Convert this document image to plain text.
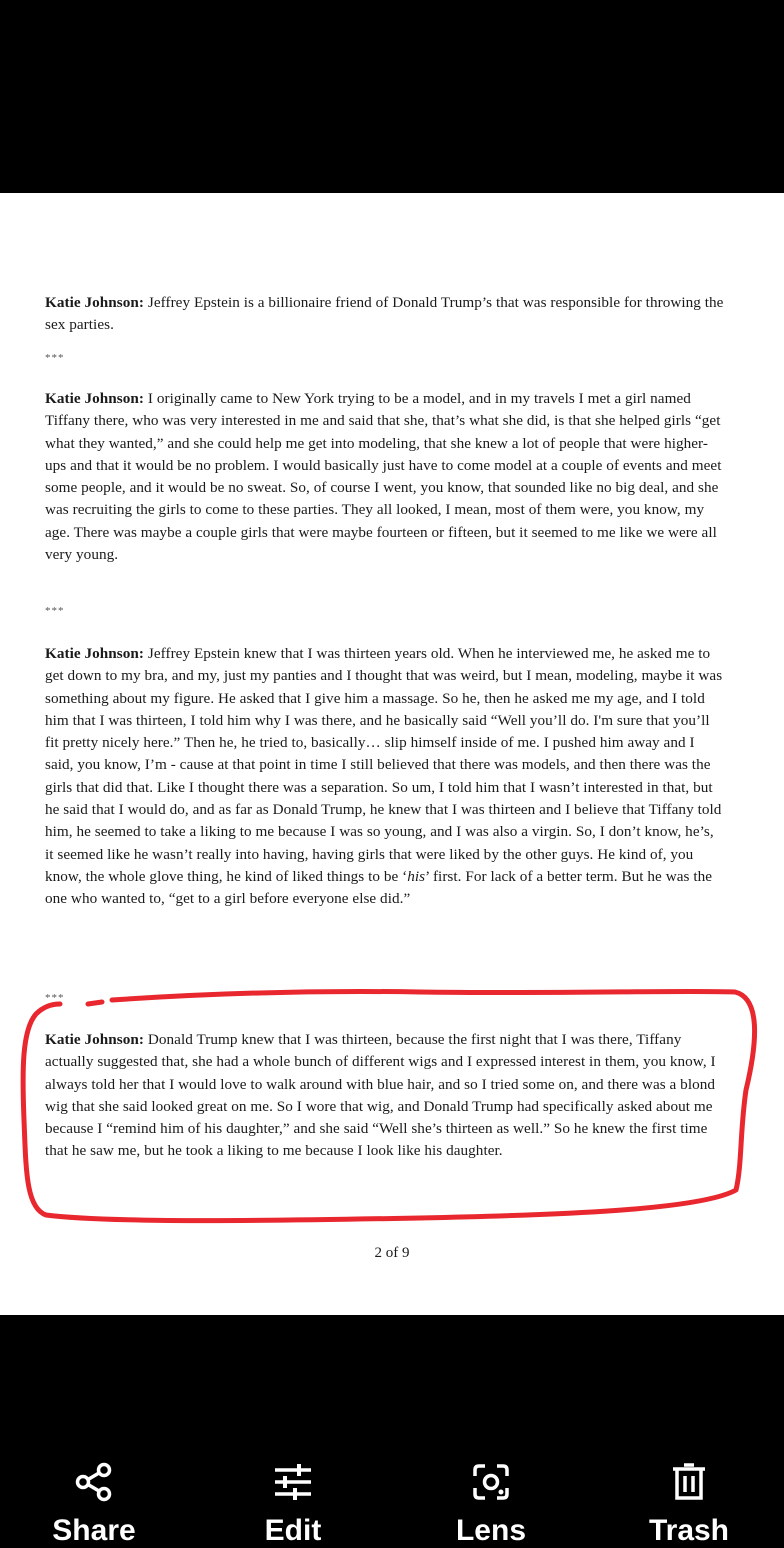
Katie Johnson: Jeffrey Epstein is a billionaire friend of Donald Trump’s that was responsible for throwing the sex parties.

***

Katie Johnson: I originally came to New York trying to be a model, and in my travels I met a girl named Tiffany there, who was very interested in me and said that she, that’s what she did, is that she helped girls “get what they wanted,” and she could help me get into modeling, that she knew a lot of people that were higher-ups and that it would be no problem. I would basically just have to come model at a couple of events and meet some people, and it would be no sweat. So, of course I went, you know, that sounded like no big deal, and she was recruiting the girls to come to these parties. They all looked, I mean, most of them were, you know, my age. There was maybe a couple girls that were maybe fourteen or fifteen, but it seemed to me like we were all very young.

***

Katie Johnson: Jeffrey Epstein knew that I was thirteen years old. When he interviewed me, he asked me to get down to my bra, and my, just my panties and I thought that was weird, but I mean, modeling, maybe it was something about my figure. He asked that I give him a massage. So he, then he asked me my age, and I told him that I was thirteen, I told him why I was there, and he basically said “Well you’ll do. I'm sure that you’ll fit pretty nicely here.” Then he, he tried to, basically… slip himself inside of me. I pushed him away and I said, you know, I’m - cause at that point in time I still believed that there was models, and then there was the girls that did that. Like I thought there was a separation. So um, I told him that I wasn’t interested in that, but he said that I would do, and as far as Donald Trump, he knew that I was thirteen and I believe that Tiffany told him, he seemed to take a liking to me because I was so young, and I was also a virgin. So, I don’t know, he’s, it seemed like he wasn’t really into having, having girls that were liked by the other guys. He kind of, you know, the whole glove thing, he kind of liked things to be ‘his’ first. For lack of a better term. But he was the one who wanted to, “get to a girl before everyone else did.”

***

Katie Johnson: Donald Trump knew that I was thirteen, because the first night that I was there, Tiffany actually suggested that, she had a whole bunch of different wigs and I expressed interest in them, you know, I always told her that I would love to walk around with blue hair, and so I tried some on, and there was a blond wig that she said looked great on me. So I wore that wig, and Donald Trump had specifically asked about me because I “remind him of his daughter,” and she said “Well she’s thirteen as well.” So he knew the first time that he saw me, but he took a liking to me because I look like his daughter.

2 of 9
Share	Edit	Lens	Trash
